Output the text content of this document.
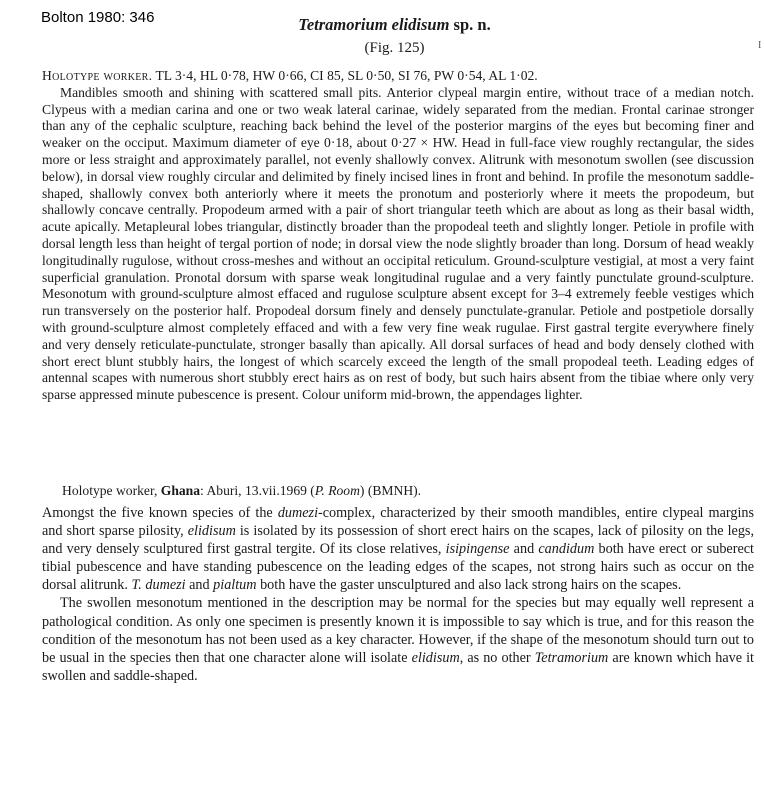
Bolton 1980: 346	Tetramorium elidisum sp. n.
(Fig. 125)	I

Holotype worker. TL 3·4, HL 0·78, HW 0·66, CI 85, SL 0·50, SI 76, PW 0·54, AL 1·02.

Mandibles smooth and shining with scattered small pits. Anterior clypeal margin entire, without trace of a median notch. Clypeus with a median carina and one or two weak lateral carinae, widely separated from the median. Frontal carinae stronger than any of the cephalic sculpture, reaching back behind the level of the posterior margins of the eyes but becoming finer and weaker on the occiput. Maximum diameter of eye 0·18, about 0·27 × HW. Head in full-face view roughly rectangular, the sides more or less straight and approximately parallel, not evenly shallowly convex. Alitrunk with mesonotum swollen (see discussion below), in dorsal view roughly circular and delimited by finely incised lines in front and behind. In profile the mesonotum saddle-shaped, shallowly convex both anteriorly where it meets the pronotum and posteriorly where it meets the propodeum, but shallowly concave centrally. Propodeum armed with a pair of short triangular teeth which are about as long as their basal width, acute apically. Metapleural lobes triangular, distinctly broader than the propodeal teeth and slightly longer. Petiole in profile with dorsal length less than height of tergal portion of node; in dorsal view the node slightly broader than long. Dorsum of head weakly longitudinally rugulose, without cross-meshes and without an occipital reticulum. Ground-sculpture vestigial, at most a very faint superficial granulation. Pronotal dorsum with sparse weak longitudinal rugulae and a very faintly punctulate ground-sculpture. Mesonotum with ground-sculpture almost effaced and rugulose sculpture absent except for 3–4 extremely feeble vestiges which run transversely on the posterior half. Propodeal dorsum finely and densely punctulate-granular. Petiole and postpetiole dorsally with ground-sculpture almost completely effaced and with a few very fine weak rugulae. First gastral tergite everywhere finely and very densely reticulate-punctulate, stronger basally than apically. All dorsal surfaces of head and body densely clothed with short erect blunt stubbly hairs, the longest of which scarcely exceed the length of the small propodeal teeth. Leading edges of antennal scapes with numerous short stubbly erect hairs as on rest of body, but such hairs absent from the tibiae where only very sparse appressed minute pubescence is present. Colour uniform mid-brown, the appendages lighter.

Holotype worker, Ghana: Aburi, 13.vii.1969 (P. Room) (BMNH).

Amongst the five known species of the dumezi-complex, characterized by their smooth mandibles, entire clypeal margins and short sparse pilosity, elidisum is isolated by its possession of short erect hairs on the scapes, lack of pilosity on the legs, and very densely sculptured first gastral tergite. Of its close relatives, isipingense and candidum both have erect or suberect tibial pubescence and have standing pubescence on the leading edges of the scapes, not strong hairs such as occur on the dorsal alitrunk. T. dumezi and pialtum both have the gaster unsculptured and also lack strong hairs on the scapes.

The swollen mesonotum mentioned in the description may be normal for the species but may equally well represent a pathological condition. As only one specimen is presently known it is impossible to say which is true, and for this reason the condition of the mesonotum has not been used as a key character. However, if the shape of the mesonotum should turn out to be usual in the species then that one character alone will isolate elidisum, as no other Tetramorium are known which have it swollen and saddle-shaped.
